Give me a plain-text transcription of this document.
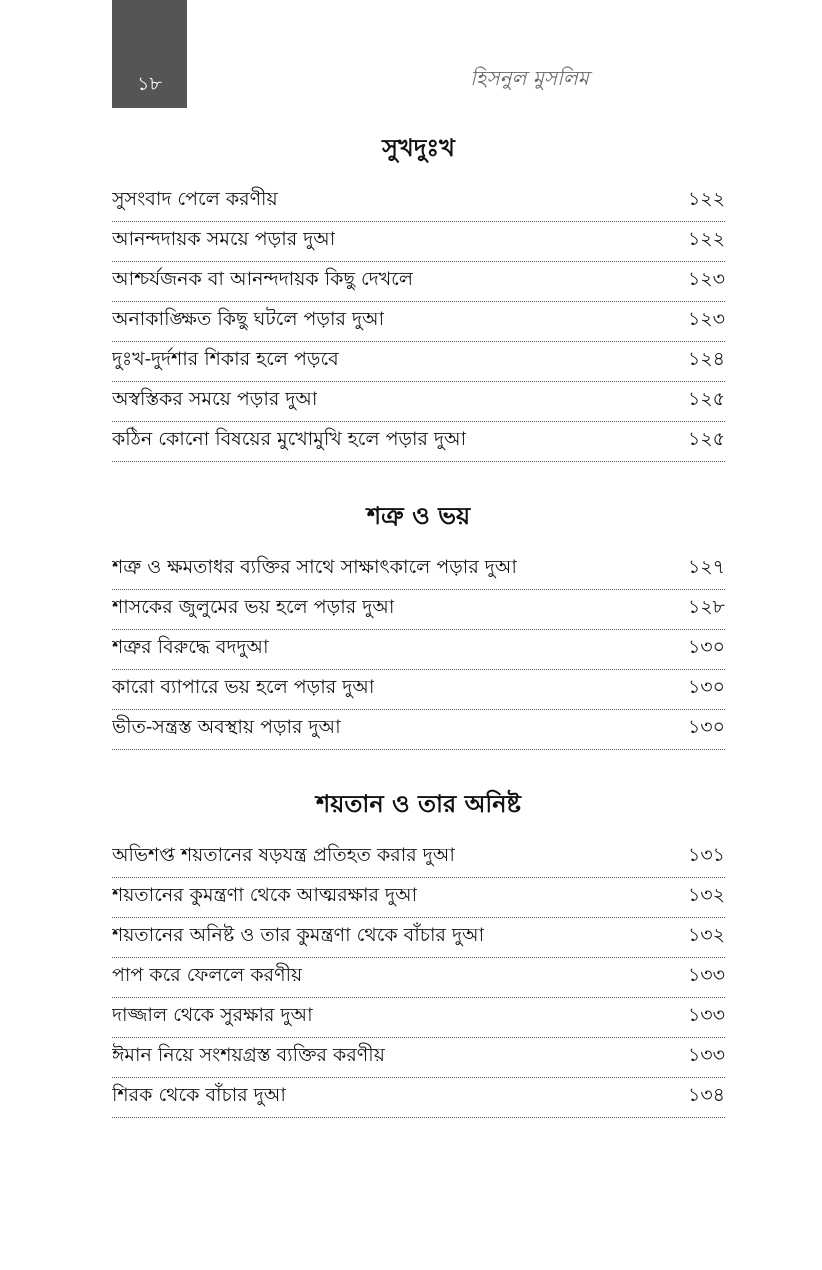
১৮	হিসনুল মুসলিম
সুখদুঃখ
সুসংবাদ পেলে করণীয়	১২২
আনন্দদায়ক সময়ে পড়ার দুআ	১২২
আশ্চর্যজনক বা আনন্দদায়ক কিছু দেখলে	১২৩
অনাকাঙ্ক্ষিত কিছু ঘটলে পড়ার দুআ	১২৩
দুঃখ-দুর্দশার শিকার হলে পড়বে	১২৪
অস্বস্তিকর সময়ে পড়ার দুআ	১২৫
কঠিন কোনো বিষয়ের মুখোমুখি হলে পড়ার দুআ	১২৫
শত্রু ও ভয়
শত্রু ও ক্ষমতাধর ব্যক্তির সাথে সাক্ষাৎকালে পড়ার দুআ	১২৭
শাসকের জুলুমের ভয় হলে পড়ার দুআ	১২৮
শত্রুর বিরুদ্ধে বদদুআ	১৩০
কারো ব্যাপারে ভয় হলে পড়ার দুআ	১৩০
ভীত-সন্ত্রস্ত অবস্থায় পড়ার দুআ	১৩০
শয়তান ও তার অনিষ্ট
অভিশপ্ত শয়তানের ষড়যন্ত্র প্রতিহত করার দুআ	১৩১
শয়তানের কুমন্ত্রণা থেকে আত্মরক্ষার দুআ	১৩২
শয়তানের অনিষ্ট ও তার কুমন্ত্রণা থেকে বাঁচার দুআ	১৩২
পাপ করে ফেললে করণীয়	১৩৩
দাজ্জাল থেকে সুরক্ষার দুআ	১৩৩
ঈমান নিয়ে সংশয়গ্রস্ত ব্যক্তির করণীয়	১৩৩
শিরক থেকে বাঁচার দুআ	১৩৪
